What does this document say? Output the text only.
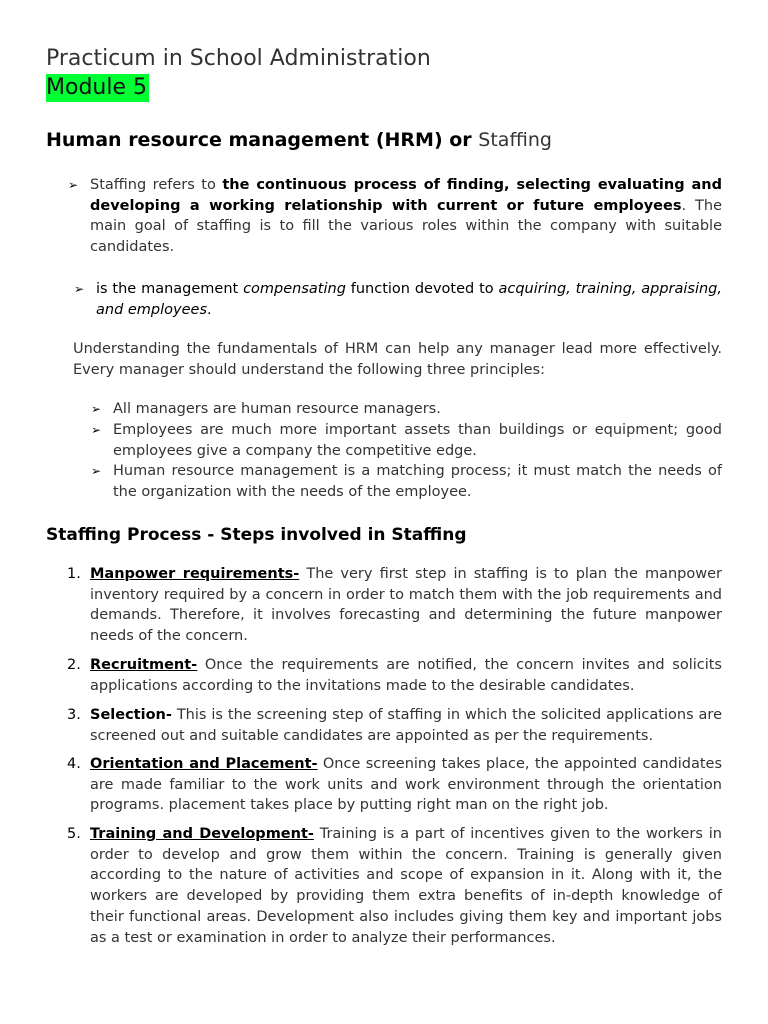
Practicum in School Administration
Module 5
Human resource management (HRM) or Staffing
➢ Staffing refers to the continuous process of finding, selecting evaluating and developing a working relationship with current or future employees. The main goal of staffing is to fill the various roles within the company with suitable candidates.
➢ is the management compensating function devoted to acquiring, training, appraising, and employees.
Understanding the fundamentals of HRM can help any manager lead more effectively. Every manager should understand the following three principles:
➢ All managers are human resource managers.
➢ Employees are much more important assets than buildings or equipment; good employees give a company the competitive edge.
➢ Human resource management is a matching process; it must match the needs of the organization with the needs of the employee.
Staffing Process - Steps involved in Staffing
1. Manpower requirements- The very first step in staffing is to plan the manpower inventory required by a concern in order to match them with the job requirements and demands. Therefore, it involves forecasting and determining the future manpower needs of the concern.
2. Recruitment- Once the requirements are notified, the concern invites and solicits applications according to the invitations made to the desirable candidates.
3. Selection- This is the screening step of staffing in which the solicited applications are screened out and suitable candidates are appointed as per the requirements.
4. Orientation and Placement- Once screening takes place, the appointed candidates are made familiar to the work units and work environment through the orientation programs. placement takes place by putting right man on the right job.
5. Training and Development- Training is a part of incentives given to the workers in order to develop and grow them within the concern. Training is generally given according to the nature of activities and scope of expansion in it. Along with it, the workers are developed by providing them extra benefits of in-depth knowledge of their functional areas. Development also includes giving them key and important jobs as a test or examination in order to analyze their performances.
